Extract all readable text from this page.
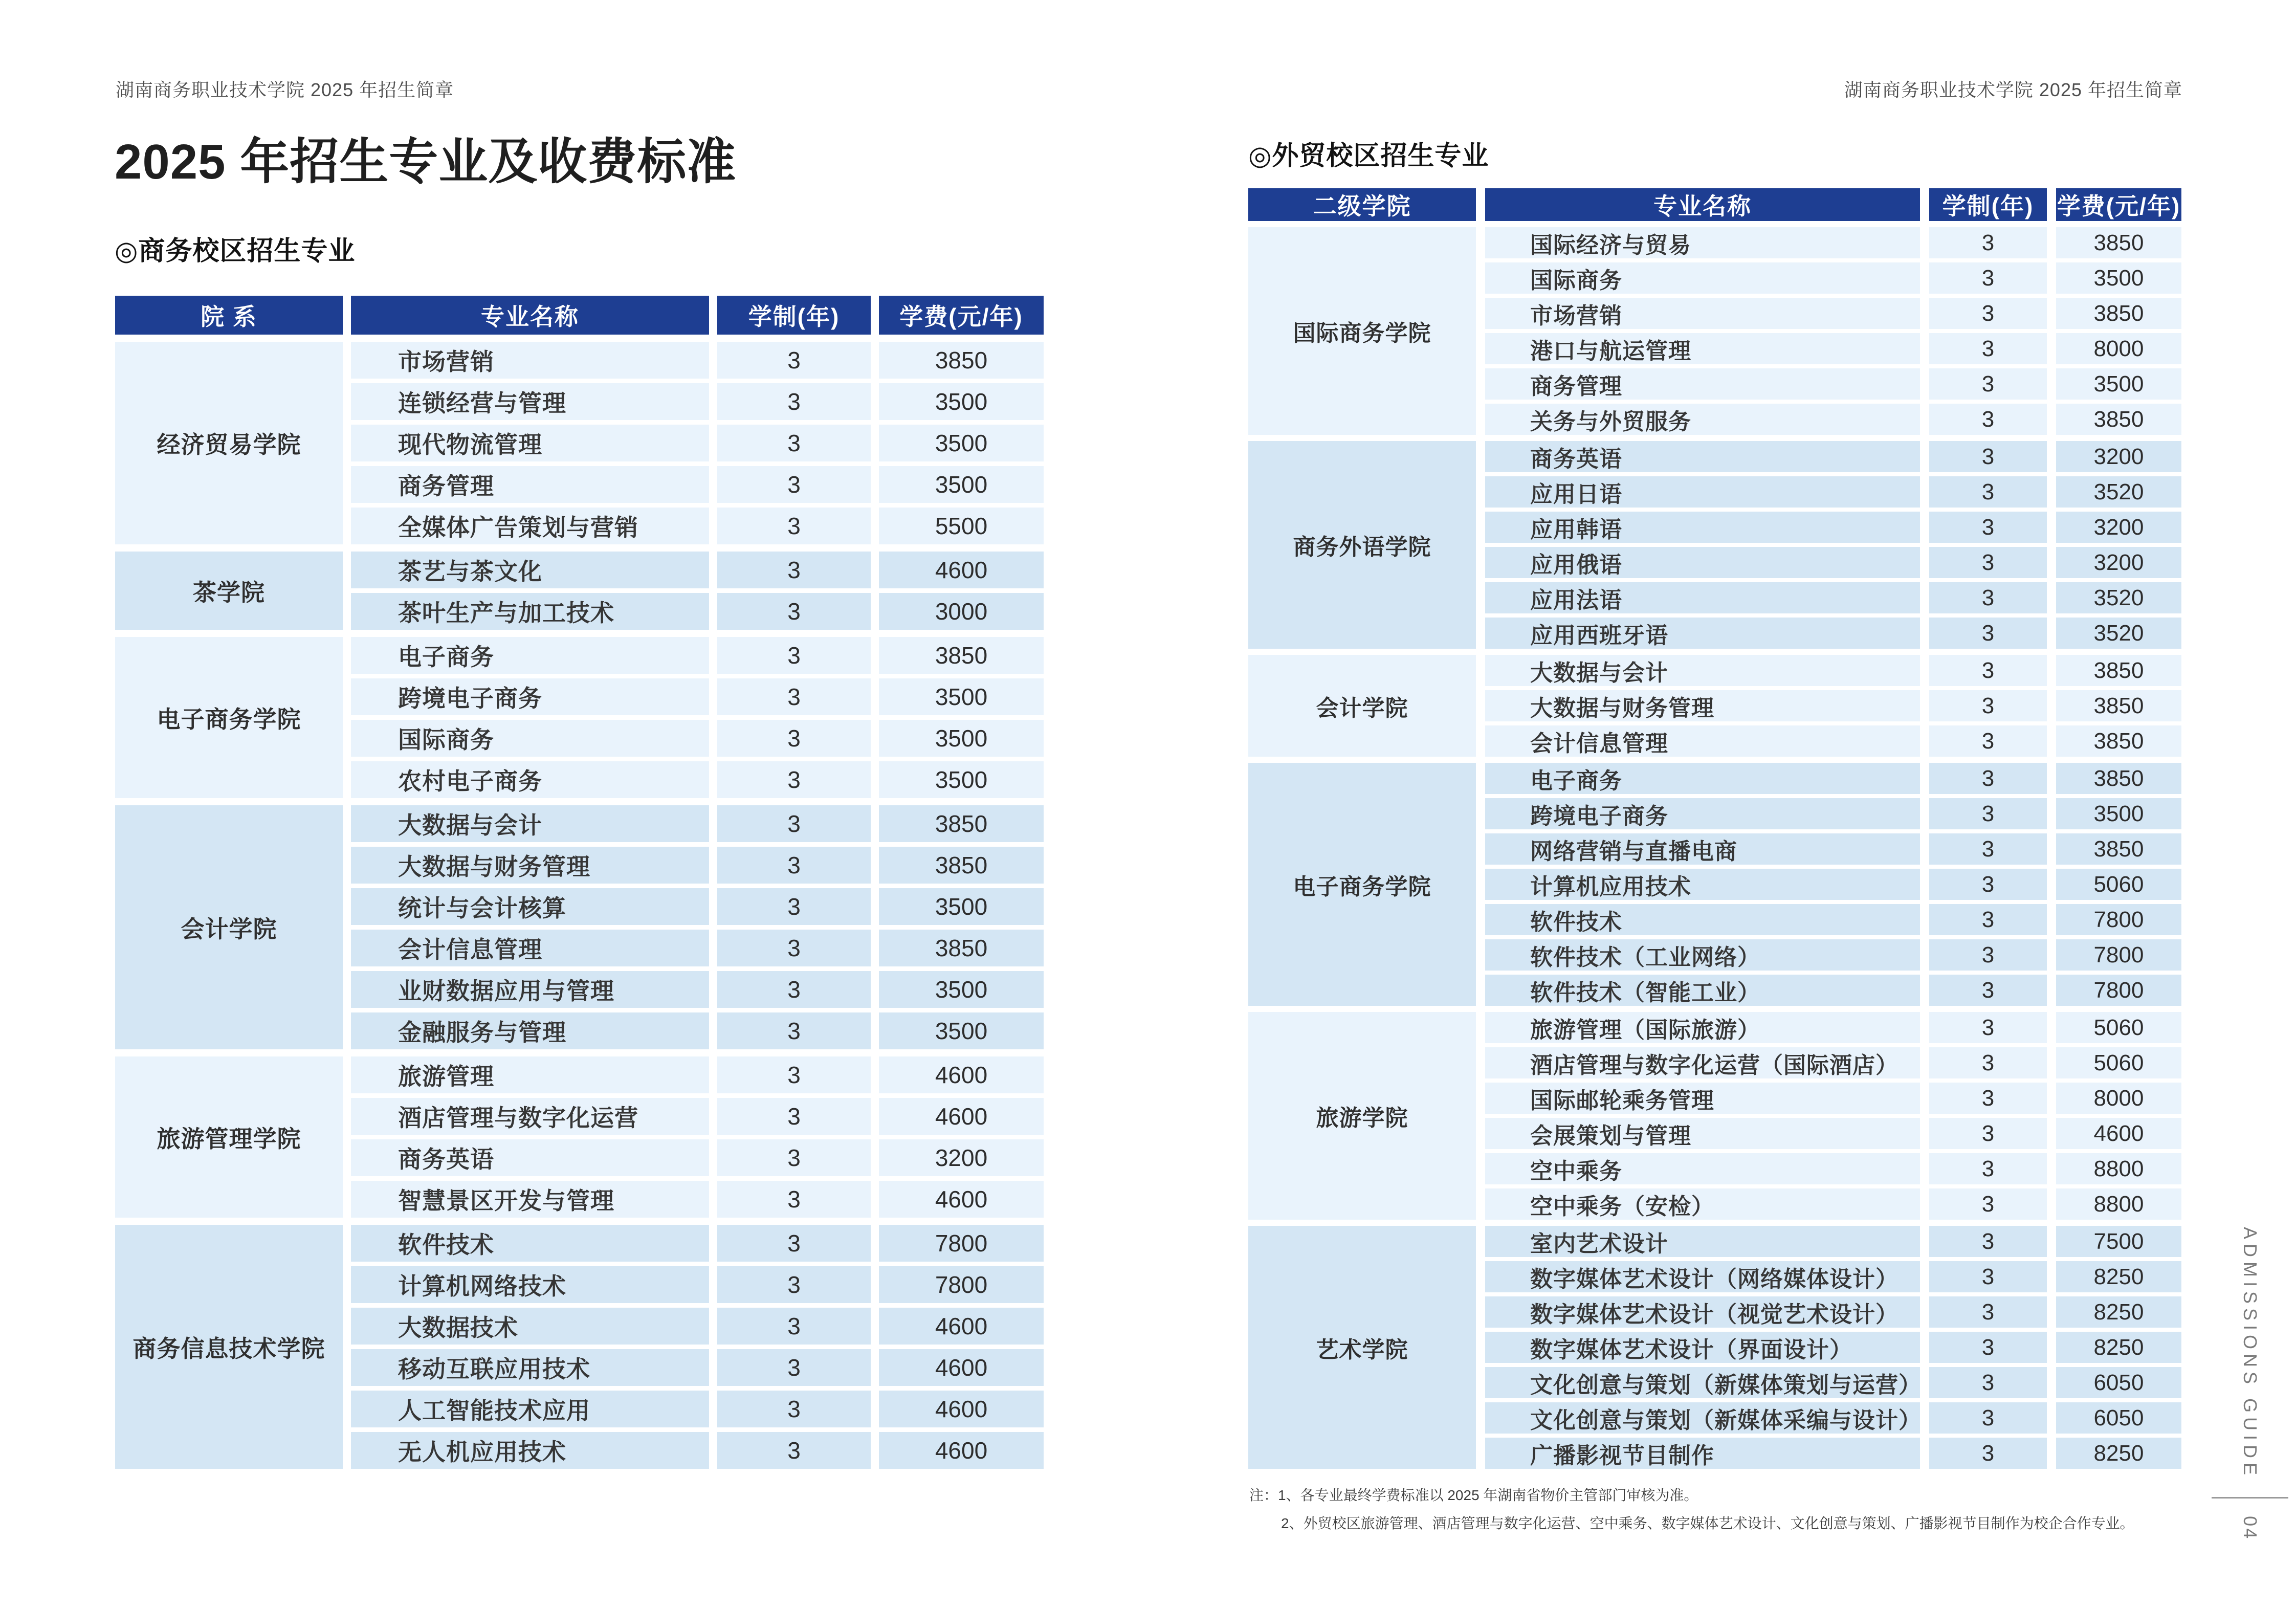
湖南商务职业技术学院 2025 年招生简章	湖南商务职业技术学院 2025 年招生简章
2025 年招生专业及收费标准
◎商务校区招生专业
◎外贸校区招生专业
院 系	专业名称	学制(年)	学费(元/年)
经济贸易学院
市场营销	3	3850
连锁经营与管理	3	3500
现代物流管理	3	3500
商务管理	3	3500
全媒体广告策划与营销	3	5500
茶学院
茶艺与茶文化	3	4600
茶叶生产与加工技术	3	3000
电子商务学院
电子商务	3	3850
跨境电子商务	3	3500
国际商务	3	3500
农村电子商务	3	3500
会计学院
大数据与会计	3	3850
大数据与财务管理	3	3850
统计与会计核算	3	3500
会计信息管理	3	3850
业财数据应用与管理	3	3500
金融服务与管理	3	3500
旅游管理学院
旅游管理	3	4600
酒店管理与数字化运营	3	4600
商务英语	3	3200
智慧景区开发与管理	3	4600
商务信息技术学院
软件技术	3	7800
计算机网络技术	3	7800
大数据技术	3	4600
移动互联应用技术	3	4600
人工智能技术应用	3	4600
无人机应用技术	3	4600
二级学院	专业名称	学制(年) 学费(元/年)
国际商务学院
国际经济与贸易	3	3850
国际商务	3	3500
市场营销	3	3850
港口与航运管理	3	8000
商务管理	3	3500
关务与外贸服务	3	3850
商务外语学院
商务英语	3	3200
应用日语	3	3520
应用韩语	3	3200
应用俄语	3	3200
应用法语	3	3520
应用西班牙语	3	3520
会计学院
大数据与会计	3	3850
大数据与财务管理	3	3850
会计信息管理	3	3850
电子商务学院
电子商务	3	3850
跨境电子商务	3	3500
网络营销与直播电商	3	3850
计算机应用技术	3	5060
软件技术	3	7800
软件技术（工业网络）	3	7800
软件技术（智能工业）	3	7800
旅游学院
旅游管理（国际旅游）	3	5060
酒店管理与数字化运营（国际酒店）	3	5060
国际邮轮乘务管理	3	8000
会展策划与管理	3	4600
空中乘务	3	8800
空中乘务（安检）	3	8800
艺术学院
室内艺术设计	3	7500
数字媒体艺术设计（网络媒体设计）	3	8250
数字媒体艺术设计（视觉艺术设计）	3	8250
数字媒体艺术设计（界面设计）	3	8250
文化创意与策划（新媒体策划与运营）	3	6050
文化创意与策划（新媒体采编与设计）	3	6050
广播影视节目制作	3	8250
注：1、各专业最终学费标准以 2025 年湖南省物价主管部门审核为准。
2、外贸校区旅游管理、酒店管理与数字化运营、空中乘务、数字媒体艺术设计、文化创意与策划、广播影视节目制作为校企合作专业。
ADMISSIONS GUIDE
04
